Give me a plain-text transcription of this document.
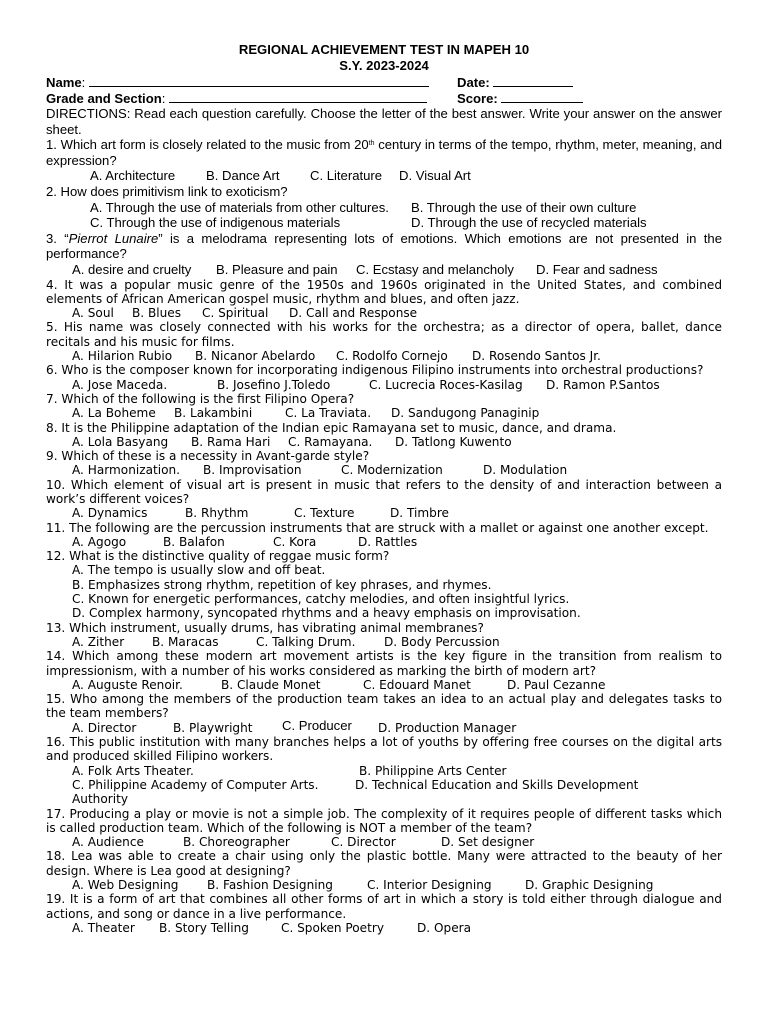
REGIONAL ACHIEVEMENT TEST IN MAPEH 10
S.Y. 2023-2024
Name:	Date:
Grade and Section:	Score:
DIRECTIONS: Read each question carefully. Choose the letter of the best answer. Write your answer on the answer sheet.
1. Which art form is closely related to the music from 20th century in terms of the tempo, rhythm, meter, meaning, and expression?
A. Architecture B. Dance Art C. Literature D. Visual Art
2. How does primitivism link to exoticism?
A. Through the use of materials from other cultures. B. Through the use of their own culture
C. Through the use of indigenous materials	D. Through the use of recycled materials
3. “Pierrot Lunaire” is a melodrama representing lots of emotions. Which emotions are not presented in the performance?
A. desire and cruelty B. Pleasure and pain C. Ecstasy and melancholy D. Fear and sadness
4. It was a popular music genre of the 1950s and 1960s originated in the United States, and combined elements of African American gospel music, rhythm and blues, and often jazz.
A. Soul B. Blues C. Spiritual D. Call and Response
5. His name was closely connected with his works for the orchestra; as a director of opera, ballet, dance recitals and his music for films.
A. Hilarion Rubio B. Nicanor Abelardo C. Rodolfo Cornejo D. Rosendo Santos Jr.
6. Who is the composer known for incorporating indigenous Filipino instruments into orchestral productions?
A. Jose Maceda.	B. Josefino J.Toledo	C. Lucrecia Roces-Kasilag D. Ramon P.Santos
7. Which of the following is the first Filipino Opera?
A. La Boheme B. Lakambini	C. La Traviata. D. Sandugong Panaginip
8. It is the Philippine adaptation of the Indian epic Ramayana set to music, dance, and drama.
A. Lola Basyang B. Rama Hari C. Ramayana. D. Tatlong Kuwento
9. Which of these is a necessity in Avant-garde style?
A. Harmonization. B. Improvisation	C. Modernization	D. Modulation
10. Which element of visual art is present in music that refers to the density of and interaction between a work’s different voices?
A. Dynamics	B. Rhythm	C. Texture	D. Timbre
11. The following are the percussion instruments that are struck with a mallet or against one another except.
A. Agogo	B. Balafon	C. Kora	D. Rattles
12. What is the distinctive quality of reggae music form?
A. The tempo is usually slow and off beat.
B. Emphasizes strong rhythm, repetition of key phrases, and rhymes.
C. Known for energetic performances, catchy melodies, and often insightful lyrics.
D. Complex harmony, syncopated rhythms and a heavy emphasis on improvisation.
13. Which instrument, usually drums, has vibrating animal membranes?
A. Zither B. Maracas	C. Talking Drum. D. Body Percussion
14. Which among these modern art movement artists is the key figure in the transition from realism to impressionism, with a number of his works considered as marking the birth of modern art?
A. Auguste Renoir.	B. Claude Monet	C. Edouard Manet	D. Paul Cezanne
15. Who among the members of the production team takes an idea to an actual play and delegates tasks to the team members?
A. Director	B. Playwright C. Producer D. Production Manager
16. This public institution with many branches helps a lot of youths by offering free courses on the digital arts and produced skilled Filipino workers.
A. Folk Arts Theater.	B. Philippine Arts Center
C. Philippine Academy of Computer Arts.	D. Technical Education and Skills Development
Authority
17. Producing a play or movie is not a simple job. The complexity of it requires people of different tasks which is called production team. Which of the following is NOT a member of the team?
A. Audience	B. Choreographer	C. Director	D. Set designer
18. Lea was able to create a chair using only the plastic bottle. Many were attracted to the beauty of her design. Where is Lea good at designing?
A. Web Designing B. Fashion Designing	C. Interior Designing	D. Graphic Designing
19. It is a form of art that combines all other forms of art in which a story is told either through dialogue and actions, and song or dance in a live performance.
A. Theater B. Story Telling	C. Spoken Poetry	D. Opera
